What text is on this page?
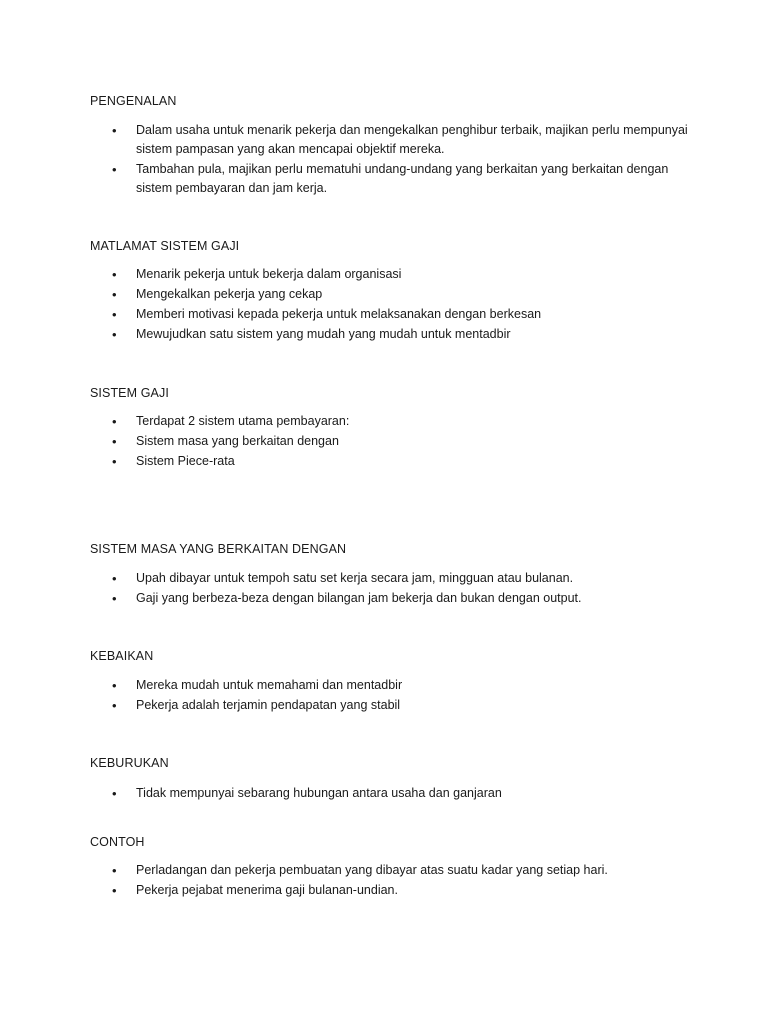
PENGENALAN
• Dalam usaha untuk menarik pekerja dan mengekalkan penghibur terbaik, majikan perlu mempunyai sistem pampasan yang akan mencapai objektif mereka.
• Tambahan pula, majikan perlu mematuhi undang-undang yang berkaitan yang berkaitan dengan sistem pembayaran dan jam kerja.
MATLAMAT SISTEM GAJI
• Menarik pekerja untuk bekerja dalam organisasi
• Mengekalkan pekerja yang cekap
• Memberi motivasi kepada pekerja untuk melaksanakan dengan berkesan
• Mewujudkan satu sistem yang mudah yang mudah untuk mentadbir
SISTEM GAJI
• Terdapat 2 sistem utama pembayaran:
• Sistem masa yang berkaitan dengan
• Sistem Piece-rata
SISTEM MASA YANG BERKAITAN DENGAN
• Upah dibayar untuk tempoh satu set kerja secara jam, mingguan atau bulanan.
• Gaji yang berbeza-beza dengan bilangan jam bekerja dan bukan dengan output.
KEBAIKAN
• Mereka mudah untuk memahami dan mentadbir
• Pekerja adalah terjamin pendapatan yang stabil
KEBURUKAN
• Tidak mempunyai sebarang hubungan antara usaha dan ganjaran
CONTOH
• Perladangan dan pekerja pembuatan yang dibayar atas suatu kadar yang setiap hari.
• Pekerja pejabat menerima gaji bulanan-undian.
